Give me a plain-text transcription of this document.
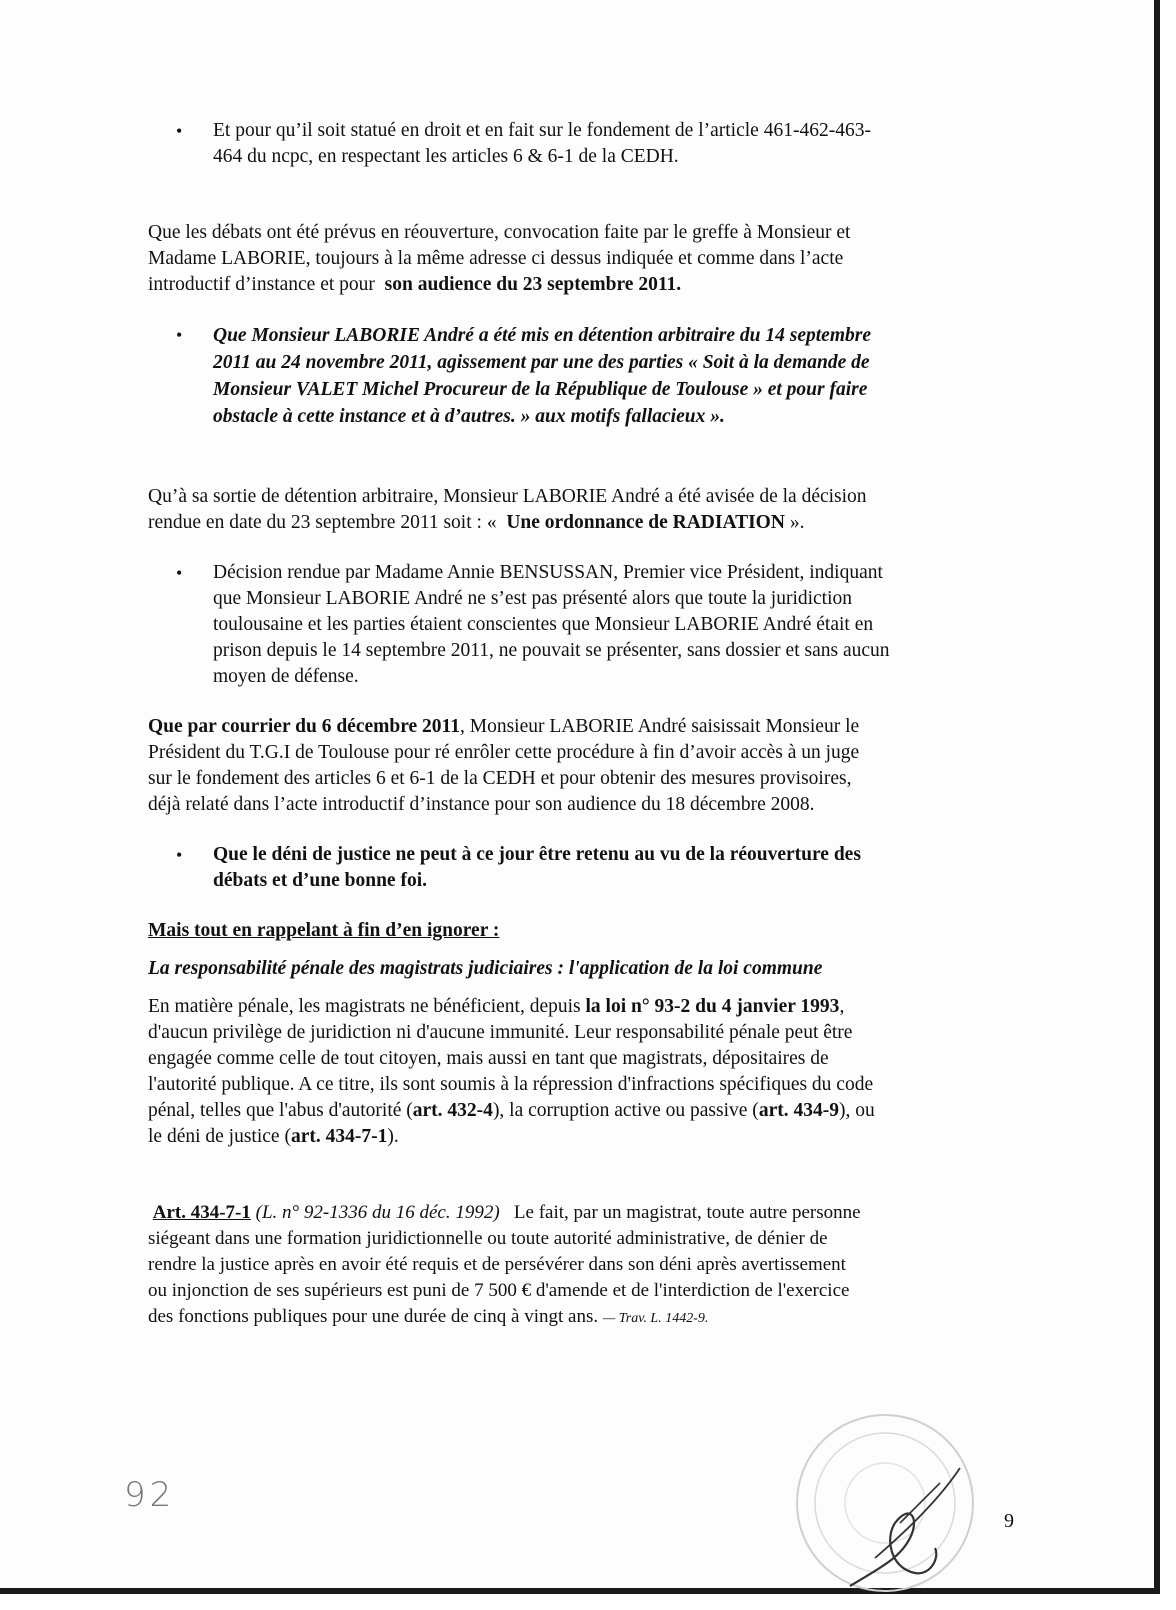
• Et pour qu’il soit statué en droit et en fait sur le fondement de l’article 461-462-463-

464 du ncpc, en respectant les articles 6 & 6-1 de la CEDH.

Que les débats ont été prévus en réouverture, convocation faite par le greffe à Monsieur et

Madame LABORIE, toujours à la même adresse ci dessus indiquée et comme dans l’acte

introductif d’instance et pour son audience du 23 septembre 2011.

• Que Monsieur LABORIE André a été mis en détention arbitraire du 14 septembre

2011 au 24 novembre 2011, agissement par une des parties « Soit à la demande de

Monsieur VALET Michel Procureur de la République de Toulouse » et pour faire

obstacle à cette instance et à d’autres. » aux motifs fallacieux ».

Qu’à sa sortie de détention arbitraire, Monsieur LABORIE André a été avisée de la décision

rendue en date du 23 septembre 2011 soit : « Une ordonnance de RADIATION ».

• Décision rendue par Madame Annie BENSUSSAN, Premier vice Président, indiquant

que Monsieur LABORIE André ne s’est pas présenté alors que toute la juridiction

toulousaine et les parties étaient conscientes que Monsieur LABORIE André était en

prison depuis le 14 septembre 2011, ne pouvait se présenter, sans dossier et sans aucun

moyen de défense.

Que par courrier du 6 décembre 2011, Monsieur LABORIE André saisissait Monsieur le

Président du T.G.I de Toulouse pour ré enrôler cette procédure à fin d’avoir accès à un juge

sur le fondement des articles 6 et 6-1 de la CEDH et pour obtenir des mesures provisoires,

déjà relaté dans l’acte introductif d’instance pour son audience du 18 décembre 2008.

• Que le déni de justice ne peut à ce jour être retenu au vu de la réouverture des

débats et d’une bonne foi.

Mais tout en rappelant à fin d’en ignorer :

La responsabilité pénale des magistrats judiciaires : l'application de la loi commune

En matière pénale, les magistrats ne bénéficient, depuis la loi n° 93-2 du 4 janvier 1993,

d'aucun privilège de juridiction ni d'aucune immunité. Leur responsabilité pénale peut être

engagée comme celle de tout citoyen, mais aussi en tant que magistrats, dépositaires de

l'autorité publique. A ce titre, ils sont soumis à la répression d'infractions spécifiques du code

pénal, telles que l'abus d'autorité (art. 432-4), la corruption active ou passive (art. 434-9), ou

le déni de justice (art. 434-7-1).

Art. 434-7-1 (L. n° 92-1336 du 16 déc. 1992) Le fait, par un magistrat, toute autre personne

siégeant dans une formation juridictionnelle ou toute autorité administrative, de dénier de

rendre la justice après en avoir été requis et de persévérer dans son déni après avertissement

ou injonction de ses supérieurs est puni de 7 500 € d'amende et de l'interdiction de l'exercice

des fonctions publiques pour une durée de cinq à vingt ans. — Trav. L. 1442-9.

92
9
